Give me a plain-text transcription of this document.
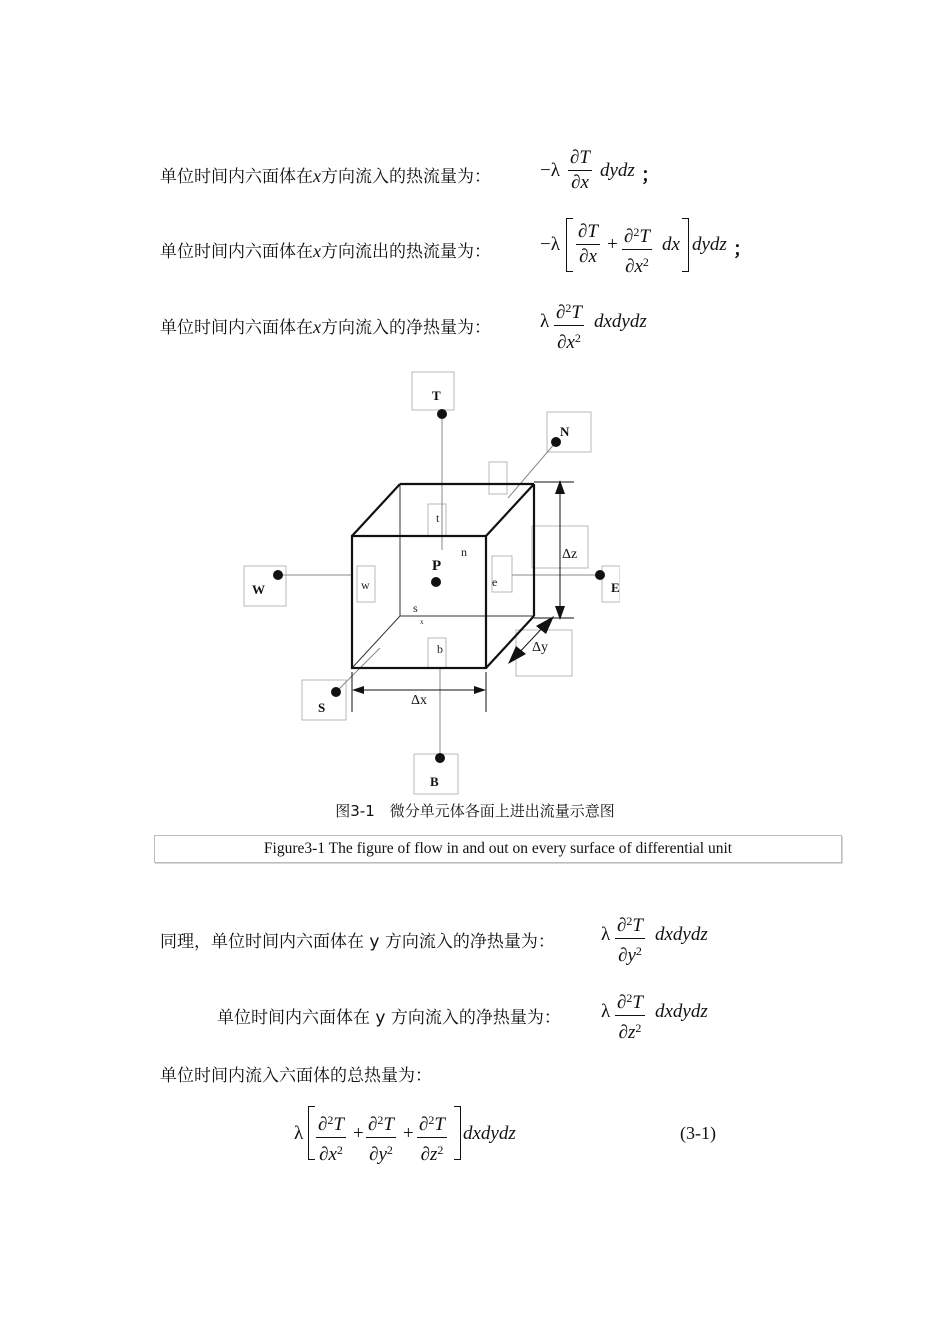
单位时间内六面体在x方向流入的热流量为：	$-\lambda \frac{\partial T}{\partial x}$ dydz ；
单位时间内六面体在x方向流出的热流量为：	$-\lambda \frac{\partial T}{\partial x} + \frac{\partial^2T}{\partial x^2}$ dx dydz ；
单位时间内六面体在x方向流入的净热量为：	λ $\frac{\partial^2T}{\partial x^2}$ dxdydz
T
N
W	E
S
B
P
t
n
w	e
s
x
b
Δz
Δy
Δx
图3-1　微分单元体各面上进出流量示意图
Figure3-1 The figure of flow in and out on every surface of differential unit
同理，单位时间内六面体在 y 方向流入的净热量为： λ $\frac{\partial^2T}{\partial y^2}$ dxdydz
单位时间内六面体在 y 方向流入的净热量为： λ $\frac{\partial^2T}{\partial z^2}$ dxdydz
单位时间内流入六面体的总热量为：
λ $\frac{\partial^2T}{\partial x^2} + \frac{\partial^2T}{\partial y^2} + \frac{\partial^2T}{\partial z^2}$ dxdydz	(3-1)
